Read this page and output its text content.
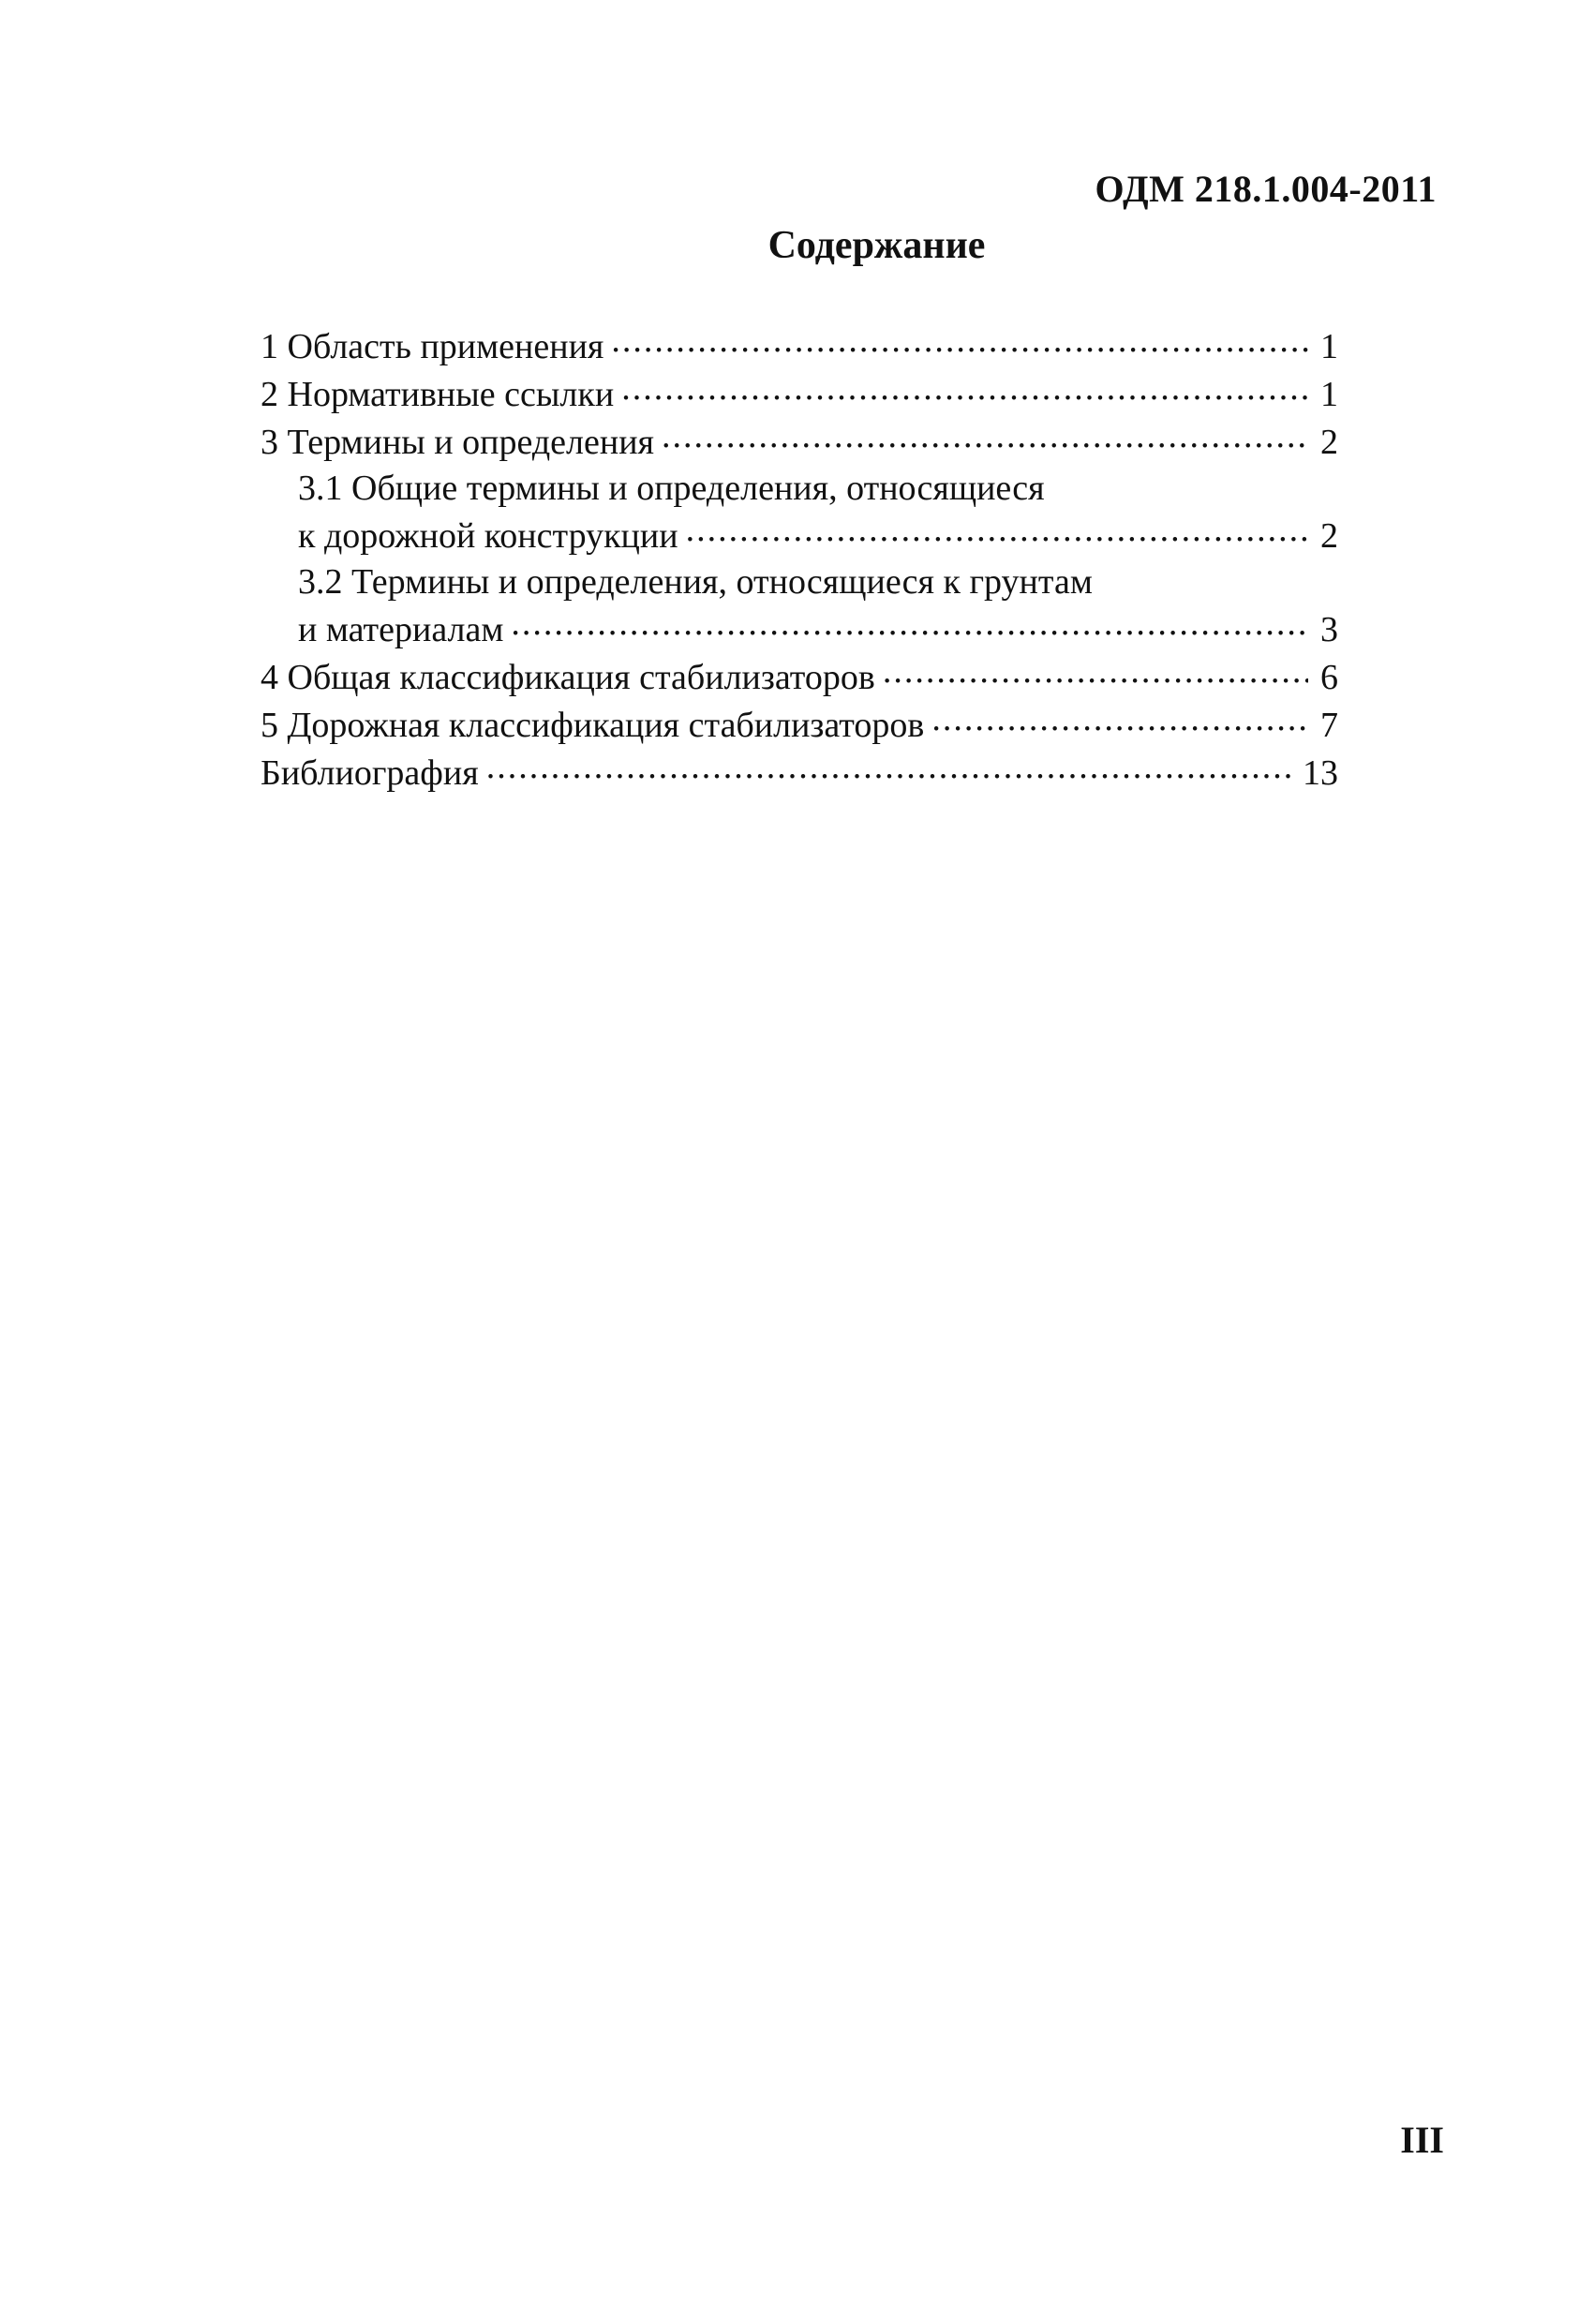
ОДМ 218.1.004-2011
Содержание
1 Область применения .....	1
2 Нормативные ссылки .....	1
3 Термины и определения .....	2
3.1 Общие термины и определения, относящиеся
к дорожной конструкции .....	2
3.2 Термины и определения, относящиеся к грунтам
и материалам .....	3
4 Общая классификация стабилизаторов .....	6
5 Дорожная классификация стабилизаторов .....	7
Библиография .....	13
III
